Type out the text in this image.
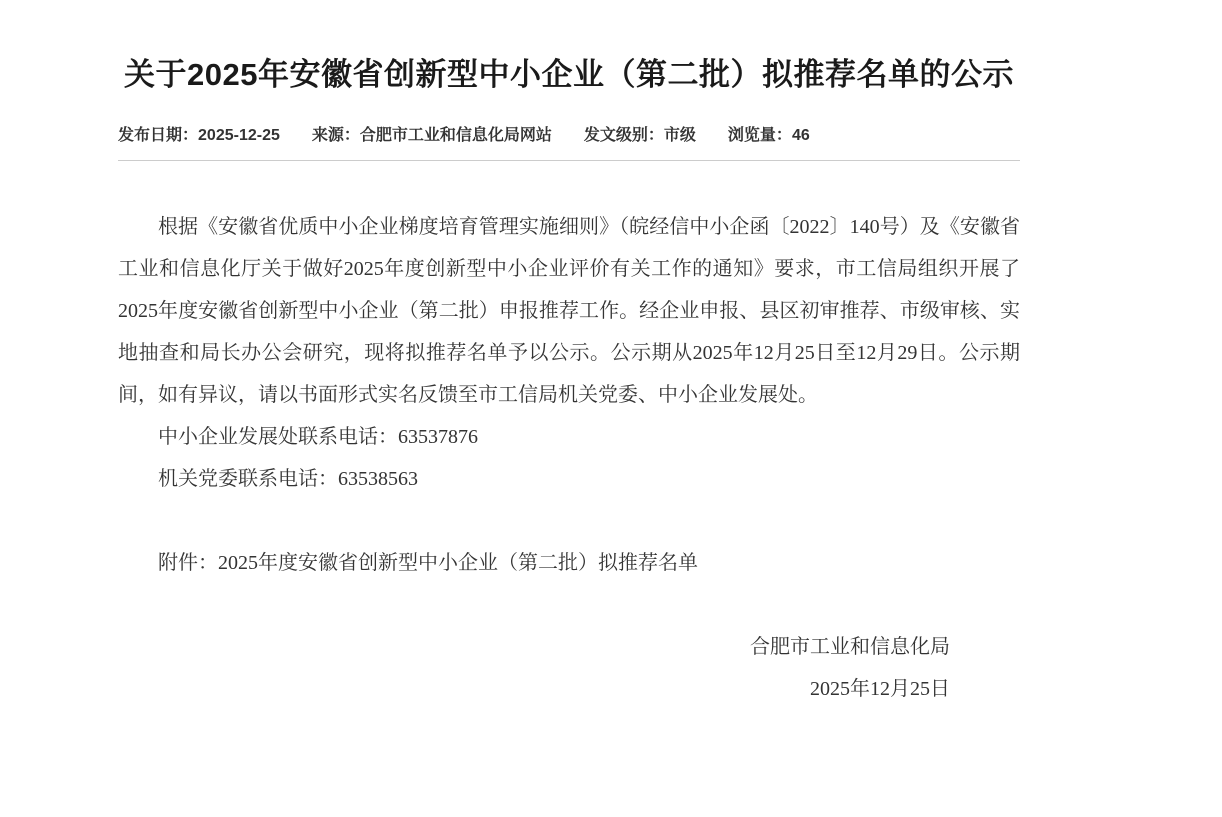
关于2025年安徽省创新型中小企业（第二批）拟推荐名单的公示
发布日期：2025-12-25 来源：合肥市工业和信息化局网站 发文级别：市级 浏览量：46

根据《安徽省优质中小企业梯度培育管理实施细则》（皖经信中小企函〔2022〕140号）及《安徽省工业和信息化厅关于做好2025年度创新型中小企业评价有关工作的通知》要求，市工信局组织开展了2025年度安徽省创新型中小企业（第二批）申报推荐工作。经企业申报、县区初审推荐、市级审核、实地抽查和局长办公会研究，现将拟推荐名单予以公示。公示期从2025年12月25日至12月29日。公示期间，如有异议，请以书面形式实名反馈至市工信局机关党委、中小企业发展处。

中小企业发展处联系电话：63537876

机关党委联系电话：63538563

附件：2025年度安徽省创新型中小企业（第二批）拟推荐名单

合肥市工业和信息化局

2025年12月25日
